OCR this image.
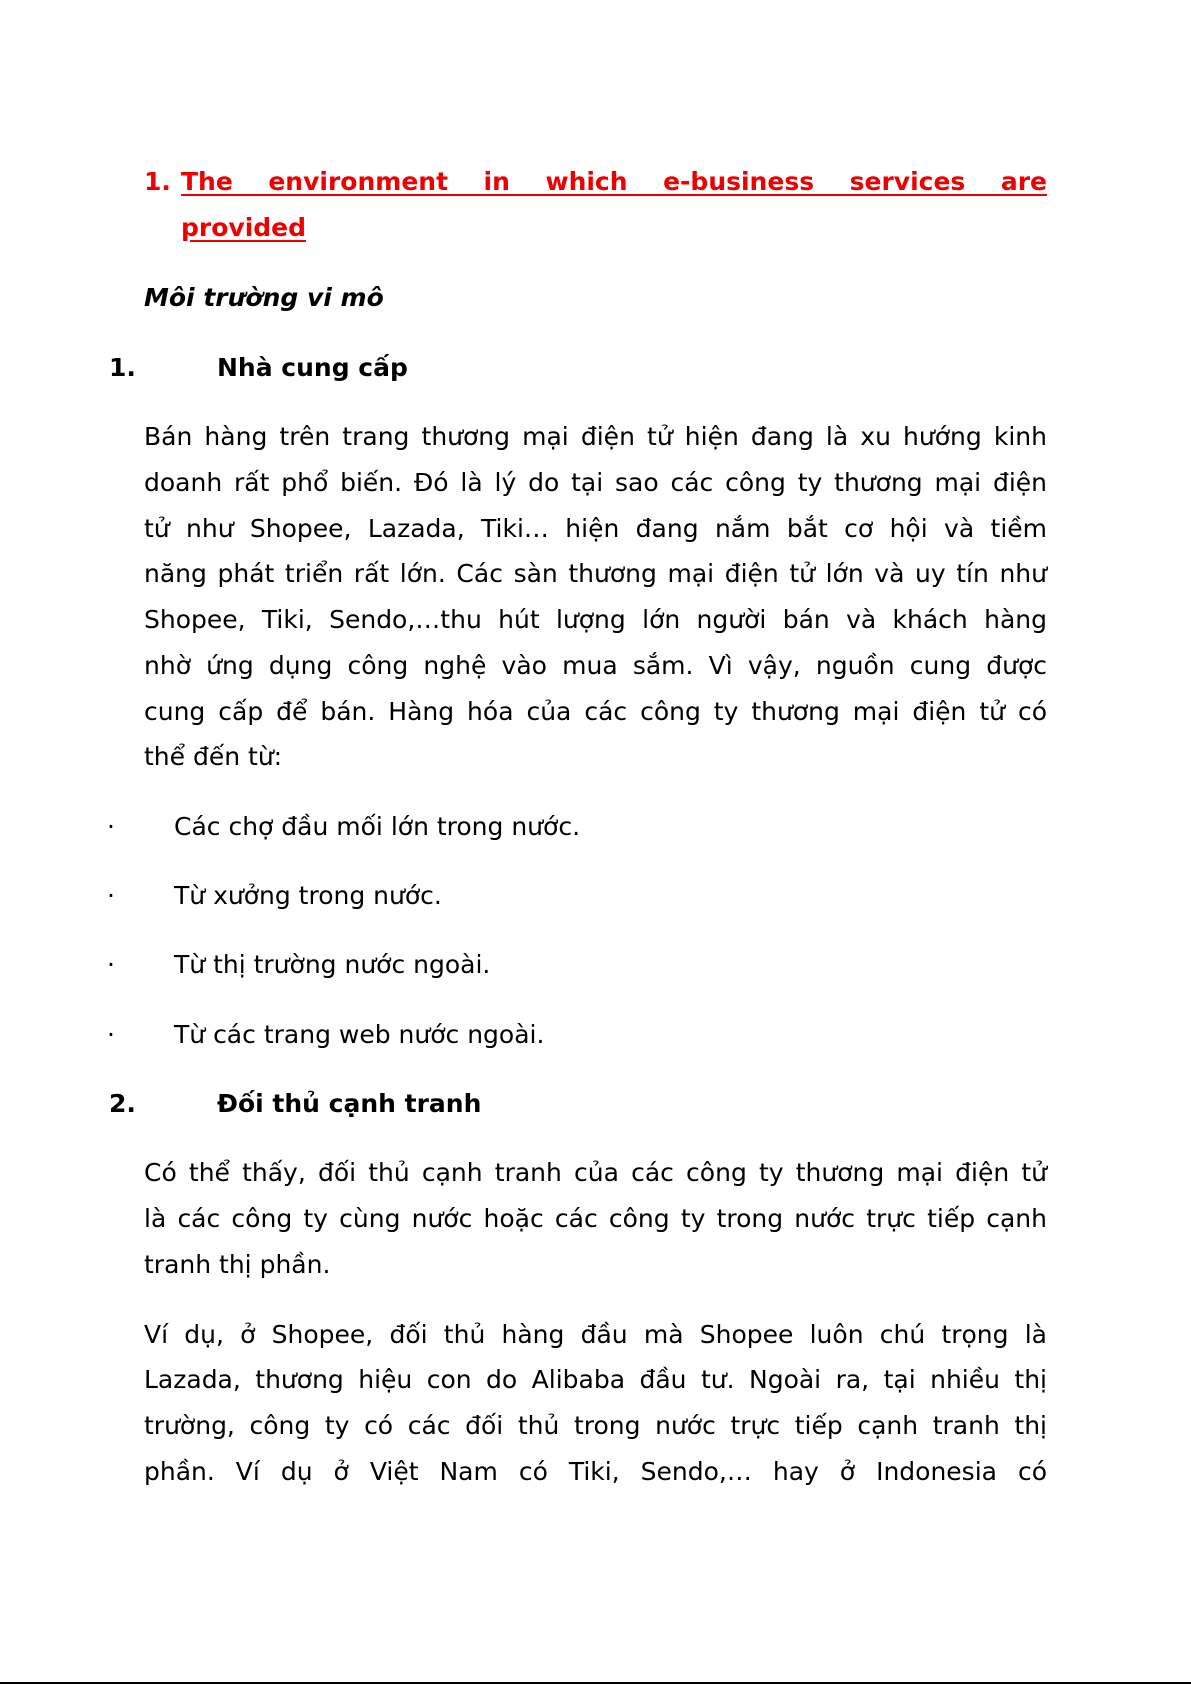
1. The environment in which e-business services are
provided
Môi trường vi mô
1.	Nhà cung cấp
Bán hàng trên trang thương mại điện tử hiện đang là xu hướng kinh
doanh rất phổ biến. Đó là lý do tại sao các công ty thương mại điện
tử như Shopee, Lazada, Tiki… hiện đang nắm bắt cơ hội và tiềm
năng phát triển rất lớn. Các sàn thương mại điện tử lớn và uy tín như
Shopee, Tiki, Sendo,…thu hút lượng lớn người bán và khách hàng
nhờ ứng dụng công nghệ vào mua sắm. Vì vậy, nguồn cung được
cung cấp để bán. Hàng hóa của các công ty thương mại điện tử có
thể đến từ:
· Các chợ đầu mối lớn trong nước.
· Từ xưởng trong nước.
· Từ thị trường nước ngoài.
· Từ các trang web nước ngoài.
2.	Đối thủ cạnh tranh
Có thể thấy, đối thủ cạnh tranh của các công ty thương mại điện tử
là các công ty cùng nước hoặc các công ty trong nước trực tiếp cạnh
tranh thị phần.
Ví dụ, ở Shopee, đối thủ hàng đầu mà Shopee luôn chú trọng là
Lazada, thương hiệu con do Alibaba đầu tư. Ngoài ra, tại nhiều thị
trường, công ty có các đối thủ trong nước trực tiếp cạnh tranh thị
phần. Ví dụ ở Việt Nam có Tiki, Sendo,… hay ở Indonesia có
